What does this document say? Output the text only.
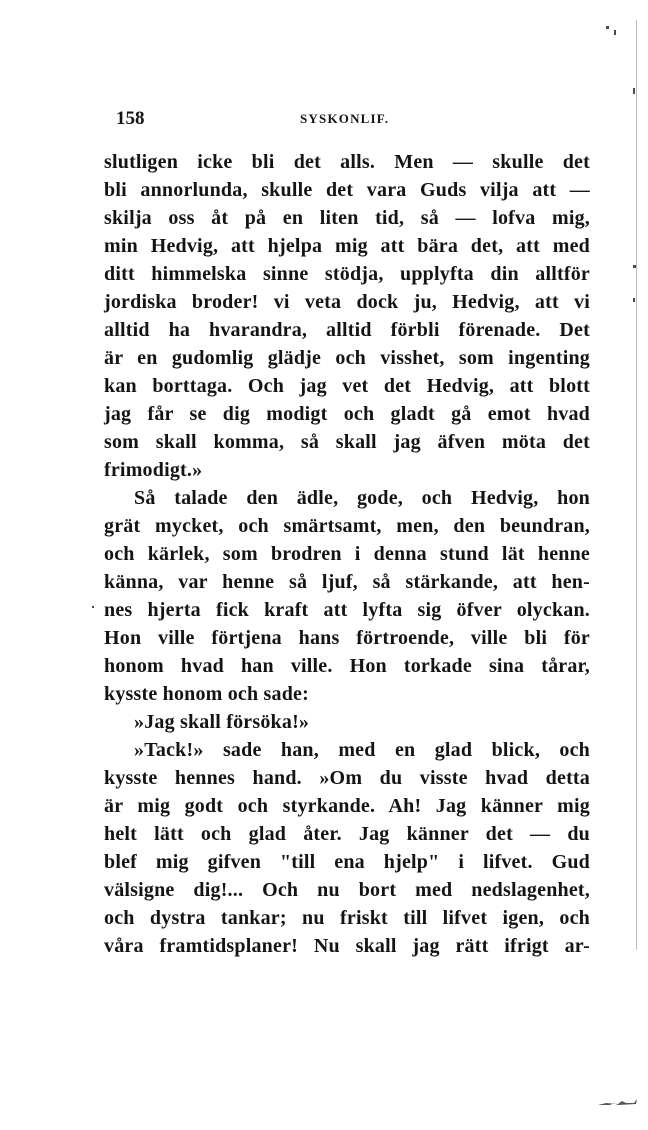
158	SYSKONLIF.
slutligen icke bli det alls. Men — skulle det
bli annorlunda, skulle det vara Guds vilja att —
skilja oss åt på en liten tid, så — lofva mig,
min Hedvig, att hjelpa mig att bära det, att med
ditt himmelska sinne stödja, upplyfta din alltför
jordiska broder! vi veta dock ju, Hedvig, att vi
alltid ha hvarandra, alltid förbli förenade. Det
är en gudomlig glädje och visshet, som ingenting
kan borttaga. Och jag vet det Hedvig, att blott
jag får se dig modigt och gladt gå emot hvad
som skall komma, så skall jag äfven möta det
frimodigt.»
Så talade den ädle, gode, och Hedvig, hon
grät mycket, och smärtsamt, men, den beundran,
och kärlek, som brodren i denna stund lät henne
känna, var henne så ljuf, så stärkande, att hen-
nes hjerta fick kraft att lyfta sig öfver olyckan.
Hon ville förtjena hans förtroende, ville bli för
honom hvad han ville. Hon torkade sina tårar,
kysste honom och sade:
»Jag skall försöka!»
»Tack!» sade han, med en glad blick, och
kysste hennes hand. »Om du visste hvad detta
är mig godt och styrkande. Ah! Jag känner mig
helt lätt och glad åter. Jag känner det — du
blef mig gifven "till ena hjelp" i lifvet. Gud
välsigne dig!... Och nu bort med nedslagenhet,
och dystra tankar; nu friskt till lifvet igen, och
våra framtidsplaner! Nu skall jag rätt ifrigt ar-
